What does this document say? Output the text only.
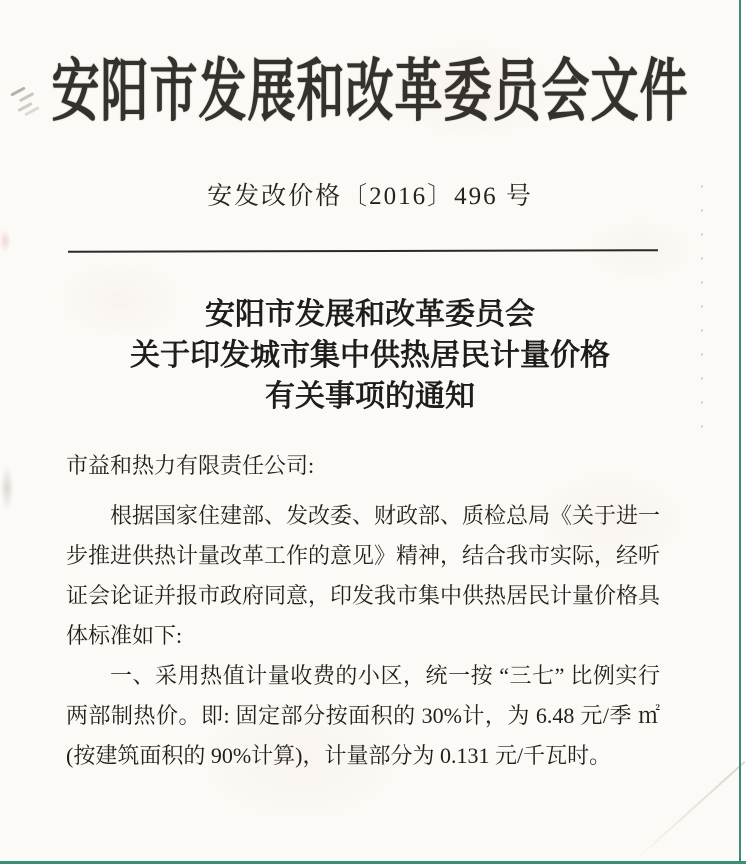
安阳市发展和改革委员会文件
安发改价格〔2016〕496 号
安阳市发展和改革委员会
关于印发城市集中供热居民计量价格
有关事项的通知
市益和热力有限责任公司:
根据国家住建部、发改委、财政部、质检总局《关于进一
步推进供热计量改革工作的意见》精神，结合我市实际，经听
证会论证并报市政府同意，印发我市集中供热居民计量价格具
体标准如下:
一、采用热值计量收费的小区，统一按 “三七” 比例实行
两部制热价。即: 固定部分按面积的 30%计，为 6.48 元/季 ㎡
(按建筑面积的 90%计算)，计量部分为 0.131 元/千瓦时。
